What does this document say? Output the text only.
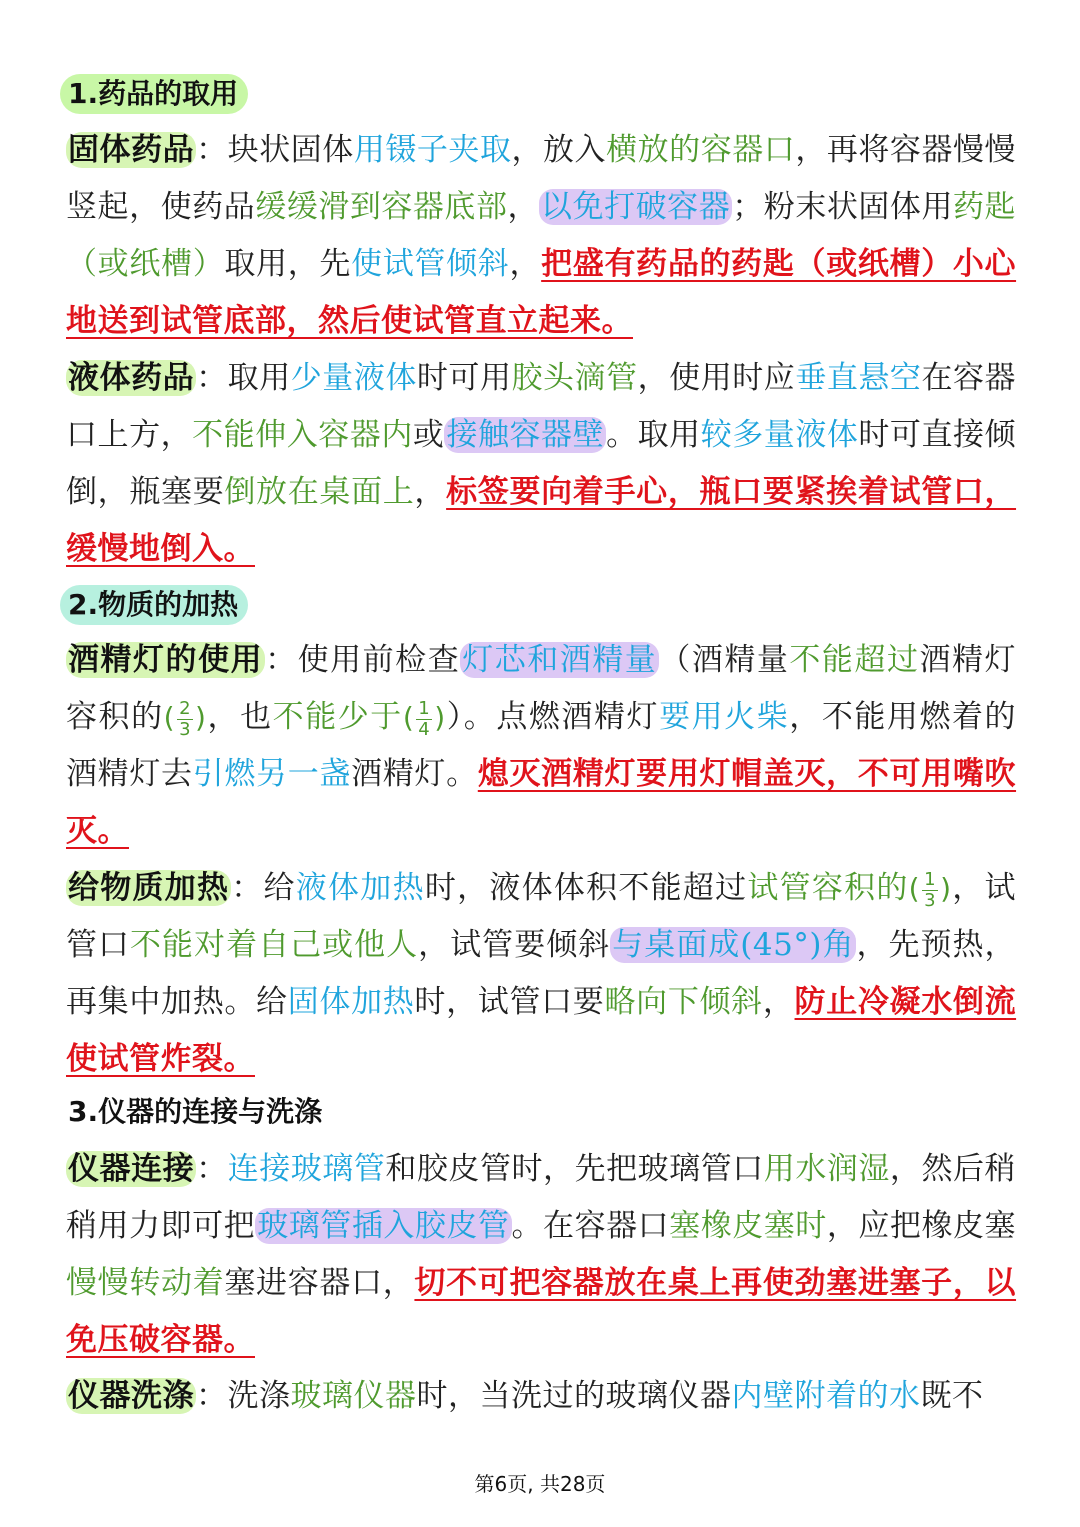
1.药品的取用
固体药品：块状固体用镊子夹取，放入横放的容器口，再将容器慢慢竖起，使药品缓缓滑到容器底部，以免打破容器；粉末状固体用药匙（或纸槽）取用，先使试管倾斜，把盛有药品的药匙（或纸槽）小心地送到试管底部，然后使试管直立起来。
液体药品：取用少量液体时可用胶头滴管，使用时应垂直悬空在容器口上方，不能伸入容器内或接触容器壁。取用较多量液体时可直接倾倒，瓶塞要倒放在桌面上，标签要向着手心，瓶口要紧挨着试管口，缓慢地倒入。
2.物质的加热
酒精灯的使用：使用前检查灯芯和酒精量（酒精量不能超过酒精灯容积的( $\frac{2}{3}$ )，也不能少于( $\frac{1}{4}$ )）。点燃酒精灯要用火柴，不能用燃着的酒精灯去引燃另一盏酒精灯。熄灭酒精灯要用灯帽盖灭，不可用嘴吹灭。
给物质加热：给液体加热时，液体体积不能超过试管容积的( $\frac{1}{3}$ )，试管口不能对着自己或他人，试管要倾斜与桌面成(45°)角，先预热，再集中加热。给固体加热时，试管口要略向下倾斜，防止冷凝水倒流使试管炸裂。
3.仪器的连接与洗涤
仪器连接：连接玻璃管和胶皮管时，先把玻璃管口用水润湿，然后稍稍用力即可把玻璃管插入胶皮管。在容器口塞橡皮塞时，应把橡皮塞慢慢转动着塞进容器口，切不可把容器放在桌上再使劲塞进塞子，以免压破容器。
仪器洗涤：洗涤玻璃仪器时，当洗过的玻璃仪器内壁附着的水既不
第6页, 共28页
